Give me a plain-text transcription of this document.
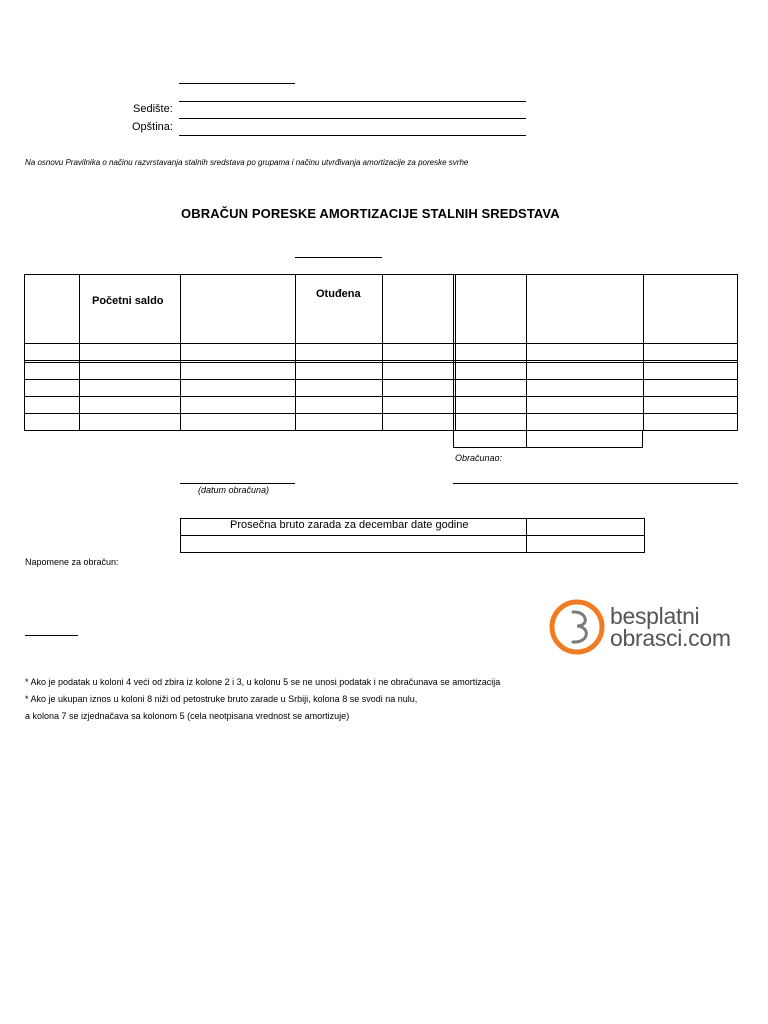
Sedište:
Opština:
Na osnovu Pravilnika o načinu razvrstavanja stalnih sredstava po grupama i načinu utvrđivanja amortizacije za poreske svrhe
OBRAČUN PORESKE AMORTIZACIJE STALNIH SREDSTAVA
Početni saldo
Otuđena
Obračunao:
(datum obračuna)
Prosečna bruto zarada za decembar date godine
Napomene za obračun:
besplatni
obrasci.com
* Ako je podatak u koloni 4 veći od zbira iz kolone 2 i 3, u kolonu 5 se ne unosi podatak i ne obračunava se amortizacija
* Ako je ukupan iznos u koloni 8 niži od petostruke bruto zarade u Srbiji, kolona 8 se svodi na nulu,
a kolona 7 se izjednačava sa kolonom 5 (cela neotpisana vrednost se amortizuje)
